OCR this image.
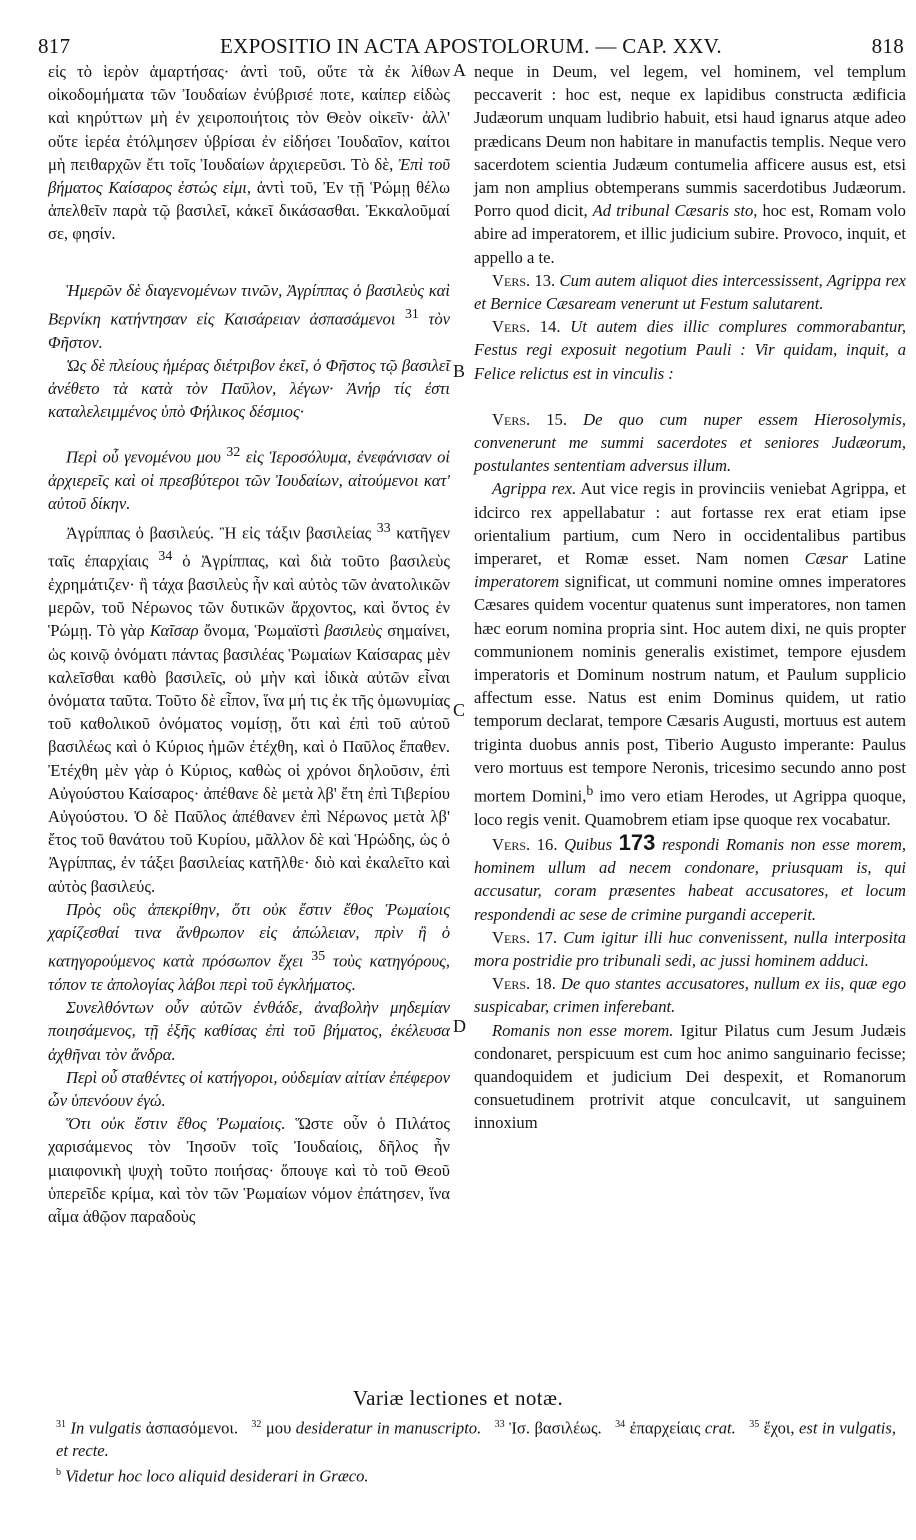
817	EXPOSITIO IN ACTA APOSTOLORUM. — CAP. XXV.	818
A
B
C
D

εἰς τὸ ἱερὸν ἁμαρτήσας· ἀντὶ τοῦ, οὔτε τὰ ἐκ λίθων οἰκοδομήματα τῶν Ἰουδαίων ἐνύβρισέ ποτε, καίπερ εἰδὼς καὶ κηρύττων μὴ ἐν χειροποιήτοις τὸν Θεὸν οἰκεῖν· ἀλλ' οὔτε ἱερέα ἐτόλμησεν ὑβρίσαι ἐν εἰδήσει Ἰουδαῖον, καίτοι μὴ πειθαρχῶν ἔτι τοῖς Ἰουδαίων ἀρχιερεῦσι. Τὸ δὲ, Ἐπὶ τοῦ βήματος Καίσαρος ἑστώς εἰμι, ἀντὶ τοῦ, Ἐν τῇ Ῥώμῃ θέλω ἀπελθεῖν παρὰ τῷ βασιλεῖ, κἀκεῖ δικάσασθαι. Ἐκκαλοῦμαί σε, φησίν.

Ἡμερῶν δὲ διαγενομένων τινῶν, Ἀγρίππας ὁ βασιλεὺς καὶ Βερνίκη κατήντησαν εἰς Καισάρειαν ἀσπασάμενοι $^{31}$ τὸν Φῆστον.

Ὡς δὲ πλείους ἡμέρας διέτριβον ἐκεῖ, ὁ Φῆστος τῷ βασιλεῖ ἀνέθετο τὰ κατὰ τὸν Παῦλον, λέγων· Ἀνήρ τίς ἐστι καταλελειμμένος ὑπὸ Φήλικος δέσμιος·

Περὶ οὗ γενομένου μου $^{32}$ εἰς Ἱεροσόλυμα, ἐνεφάνισαν οἱ ἀρχιερεῖς καὶ οἱ πρεσβύτεροι τῶν Ἰουδαίων, αἰτούμενοι κατ' αὐτοῦ δίκην.

Ἀγρίππας ὁ βασιλεύς. Ἢ εἰς τάξιν βασιλείας $^{33}$ κατῆγεν ταῖς ἐπαρχίαις $^{34}$ ὁ Ἀγρίππας, καὶ διὰ τοῦτο βασιλεὺς ἐχρημάτιζεν· ἢ τάχα βασιλεὺς ἦν καὶ αὐτὸς τῶν ἀνατολικῶν μερῶν, τοῦ Νέρωνος τῶν δυτικῶν ἄρχοντος, καὶ ὄντος ἐν Ῥώμῃ. Τὸ γὰρ Καῖσαρ ὄνομα, Ῥωμαϊστὶ βασιλεὺς σημαίνει, ὡς κοινῷ ὀνόματι πάντας βασιλέας Ῥωμαίων Καίσαρας μὲν καλεῖσθαι καθὸ βασιλεῖς, οὐ μὴν καὶ ἰδικὰ αὐτῶν εἶναι ὀνόματα ταῦτα. Τοῦτο δὲ εἶπον, ἵνα μή τις ἐκ τῆς ὁμωνυμίας τοῦ καθολικοῦ ὀνόματος νομίσῃ, ὅτι καὶ ἐπὶ τοῦ αὐτοῦ βασιλέως καὶ ὁ Κύριος ἡμῶν ἐτέχθη, καὶ ὁ Παῦλος ἔπαθεν. Ἐτέχθη μὲν γὰρ ὁ Κύριος, καθὼς οἱ χρόνοι δηλοῦσιν, ἐπὶ Αὐγούστου Καίσαρος· ἀπέθανε δὲ μετὰ λβ' ἔτη ἐπὶ Τιβερίου Αὐγούστου. Ὁ δὲ Παῦλος ἀπέθανεν ἐπὶ Νέρωνος μετὰ λβ' ἔτος τοῦ θανάτου τοῦ Κυρίου, μᾶλλον δὲ καὶ Ἡρώδης, ὡς ὁ Ἀγρίππας, ἐν τάξει βασιλείας κατῆλθε· διὸ καὶ ἐκαλεῖτο καὶ αὐτὸς βασιλεύς.

Πρὸς οὓς ἀπεκρίθην, ὅτι οὐκ ἔστιν ἔθος Ῥωμαίοις χαρίζεσθαί τινα ἄνθρωπον εἰς ἀπώλειαν, πρὶν ἢ ὁ κατηγορούμενος κατὰ πρόσωπον ἔχει $^{35}$ τοὺς κατηγόρους, τόπον τε ἀπολογίας λάβοι περὶ τοῦ ἐγκλήματος.

Συνελθόντων οὖν αὐτῶν ἐνθάδε, ἀναβολὴν μηδεμίαν ποιησάμενος, τῇ ἑξῆς καθίσας ἐπὶ τοῦ βήματος, ἐκέλευσα ἀχθῆναι τὸν ἄνδρα.

Περὶ οὗ σταθέντες οἱ κατήγοροι, οὐδεμίαν αἰτίαν ἐπέφερον ὧν ὑπενόουν ἐγώ.

Ὅτι οὐκ ἔστιν ἔθος Ῥωμαίοις. Ὥστε οὖν ὁ Πιλάτος χαρισάμενος τὸν Ἰησοῦν τοῖς Ἰουδαίοις, δῆλος ἦν μιαιφονικὴ ψυχὴ τοῦτο ποιήσας· ὅπουγε καὶ τὸ τοῦ Θεοῦ ὑπερεῖδε κρίμα, καὶ τὸν τῶν Ῥωμαίων νόμον ἐπάτησεν, ἵνα αἷμα ἀθῷον παραδοὺς

neque in Deum, vel legem, vel hominem, vel templum peccaverit : hoc est, neque ex lapidibus constructa ædificia Judæorum unquam ludibrio habuit, etsi haud ignarus atque adeo prædicans Deum non habitare in manufactis templis. Neque vero sacerdotem scientia Judæum contumelia afficere ausus est, etsi jam non amplius obtemperans summis sacerdotibus Judæorum. Porro quod dicit, Ad tribunal Cæsaris sto, hoc est, Romam volo abire ad imperatorem, et illic judicium subire. Provoco, inquit, et appello a te.

Vers. 13. Cum autem aliquot dies intercessissent, Agrippa rex et Bernice Cæsaream venerunt ut Festum salutarent.

Vers. 14. Ut autem dies illic complures commorabantur, Festus regi exposuit negotium Pauli : Vir quidam, inquit, a Felice relictus est in vinculis :

Vers. 15. De quo cum nuper essem Hierosolymis, convenerunt me summi sacerdotes et seniores Judæorum, postulantes sententiam adversus illum.

Agrippa rex. Aut vice regis in provinciis veniebat Agrippa, et idcirco rex appellabatur : aut fortasse rex erat etiam ipse orientalium partium, cum Nero in occidentalibus partibus imperaret, et Romæ esset. Nam nomen Cæsar Latine imperatorem significat, ut communi nomine omnes imperatores Cæsares quidem vocentur quatenus sunt imperatores, non tamen hæc eorum nomina propria sint. Hoc autem dixi, ne quis propter communionem nominis generalis existimet, tempore ejusdem imperatoris et Dominum nostrum natum, et Paulum supplicio affectum esse. Natus est enim Dominus quidem, ut ratio temporum declarat, tempore Cæsaris Augusti, mortuus est autem triginta duobus annis post, Tiberio Augusto imperante: Paulus vero mortuus est tempore Neronis, tricesimo secundo anno post mortem Domini,$^b$ imo vero etiam Herodes, ut Agrippa quoque, loco regis venit. Quamobrem etiam ipse quoque rex vocabatur.

Vers. 16. Quibus 173 respondi Romanis non esse morem, hominem ullum ad necem condonare, priusquam is, qui accusatur, coram præsentes habeat accusatores, et locum respondendi ac sese de crimine purgandi acceperit.

Vers. 17. Cum igitur illi huc convenissent, nulla interposita mora postridie pro tribunali sedi, ac jussi hominem adduci.

Vers. 18. De quo stantes accusatores, nullum ex iis, quæ ego suspicabar, crimen inferebant.

Romanis non esse morem. Igitur Pilatus cum Jesum Judæis condonaret, perspicuum est cum hoc animo sanguinario fecisse; quandoquidem et judicium Dei despexit, et Romanorum consuetudinem protrivit atque conculcavit, ut sanguinem innoxium

Variæ lectiones et notæ.

$^{31}$ In vulgatis ἀσπασόμενοι. $^{32}$ μου desideratur in manuscripto. $^{33}$ Ἰσ. βασιλέως. $^{34}$ ἐπαρχείαις crat. $^{35}$ ἔχοι, est in vulgatis, et recte.

$^b$ Videtur hoc loco aliquid desiderari in Græco.
